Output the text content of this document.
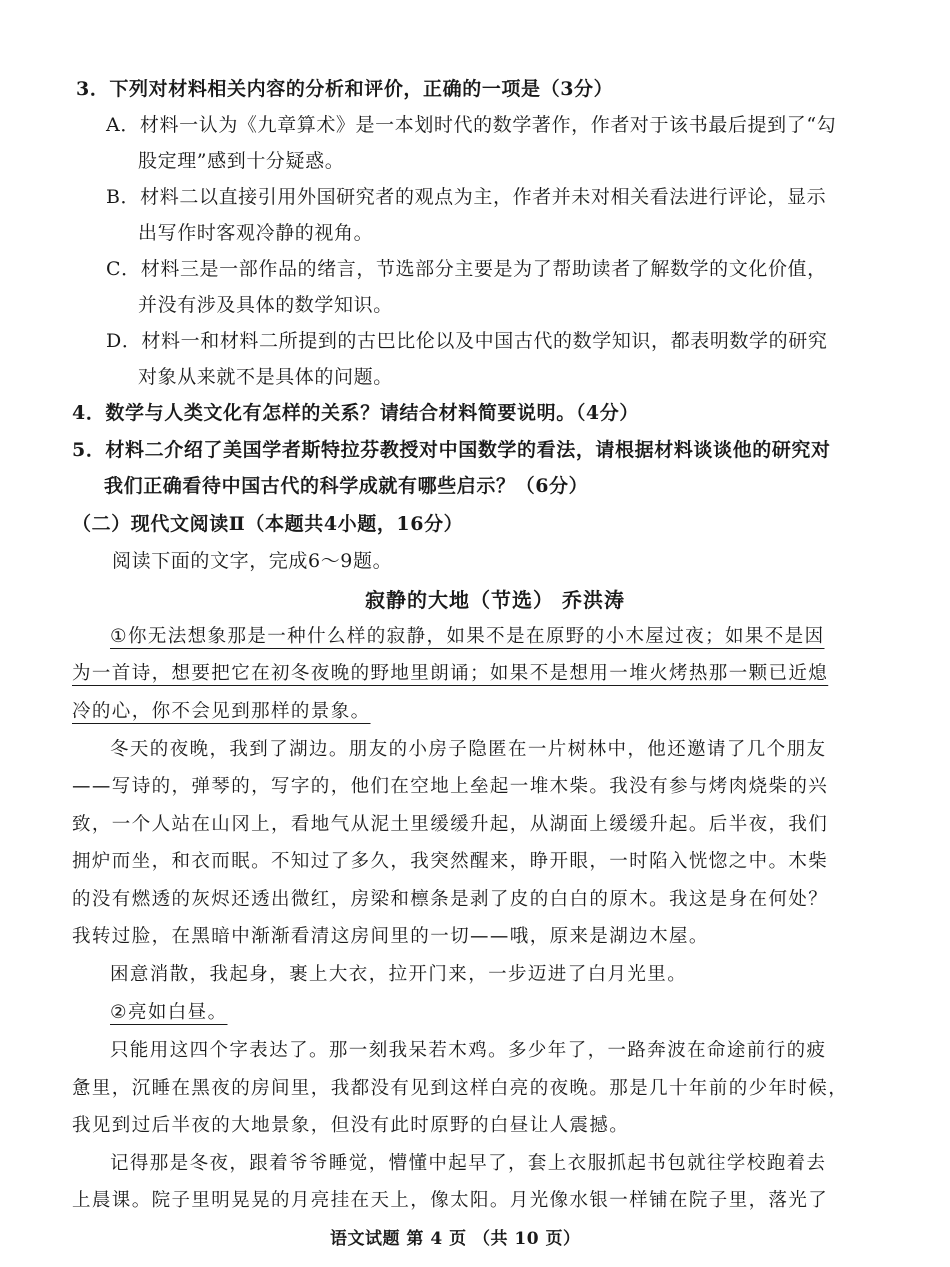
3．下列对材料相关内容的分析和评价，正确的一项是（3分）
A．材料一认为《九章算术》是一本划时代的数学著作，作者对于该书最后提到了“勾
股定理”感到十分疑惑。
B．材料二以直接引用外国研究者的观点为主，作者并未对相关看法进行评论，显示
出写作时客观冷静的视角。
C．材料三是一部作品的绪言，节选部分主要是为了帮助读者了解数学的文化价值，
并没有涉及具体的数学知识。
D．材料一和材料二所提到的古巴比伦以及中国古代的数学知识，都表明数学的研究
对象从来就不是具体的问题。
4．数学与人类文化有怎样的关系？请结合材料简要说明。（4分）
5．材料二介绍了美国学者斯特拉芬教授对中国数学的看法，请根据材料谈谈他的研究对
我们正确看待中国古代的科学成就有哪些启示？（6分）
（二）现代文阅读Ⅱ（本题共4小题，16分）
阅读下面的文字，完成6～9题。
寂静的大地（节选） 乔洪涛
①你无法想象那是一种什么样的寂静，如果不是在原野的小木屋过夜；如果不是因
为一首诗，想要把它在初冬夜晚的野地里朗诵；如果不是想用一堆火烤热那一颗已近熄
冷的心，你不会见到那样的景象。
冬天的夜晚，我到了湖边。朋友的小房子隐匿在一片树林中，他还邀请了几个朋友
——写诗的，弹琴的，写字的，他们在空地上垒起一堆木柴。我没有参与烤肉烧柴的兴
致，一个人站在山冈上，看地气从泥土里缓缓升起，从湖面上缓缓升起。后半夜，我们
拥炉而坐，和衣而眠。不知过了多久，我突然醒来，睁开眼，一时陷入恍惚之中。木柴
的没有燃透的灰烬还透出微红，房梁和檩条是剥了皮的白白的原木。我这是身在何处？
我转过脸，在黑暗中渐渐看清这房间里的一切——哦，原来是湖边木屋。
困意消散，我起身，裹上大衣，拉开门来，一步迈进了白月光里。
②亮如白昼。
只能用这四个字表达了。那一刻我呆若木鸡。多少年了，一路奔波在命途前行的疲
惫里，沉睡在黑夜的房间里，我都没有见到这样白亮的夜晚。那是几十年前的少年时候，
我见到过后半夜的大地景象，但没有此时原野的白昼让人震撼。
记得那是冬夜，跟着爷爷睡觉，懵懂中起早了，套上衣服抓起书包就往学校跑着去
上晨课。院子里明晃晃的月亮挂在天上，像太阳。月光像水银一样铺在院子里，落光了
语文试题 第 4 页 （共 10 页）
